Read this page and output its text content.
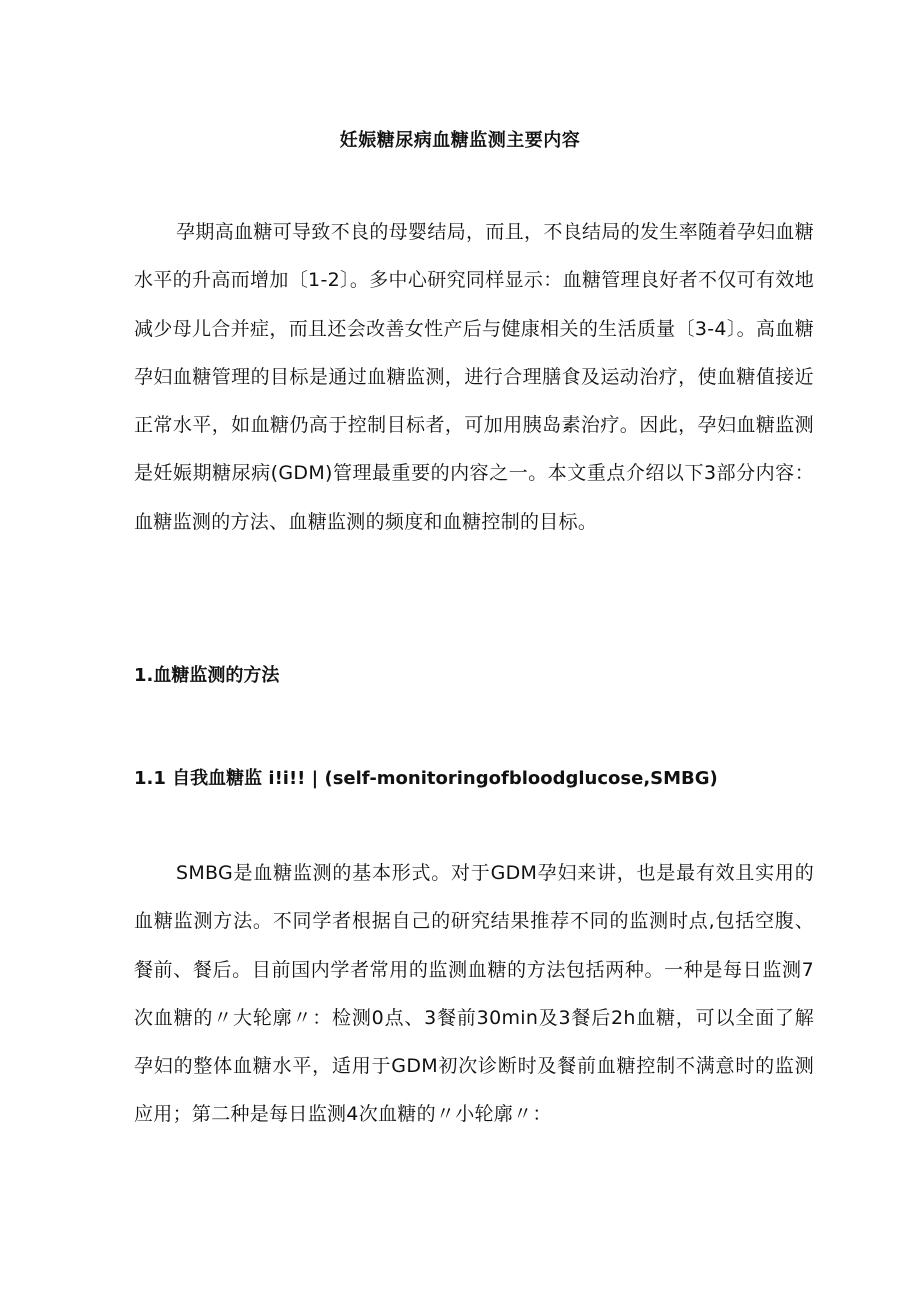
妊娠糖尿病血糖监测主要内容

孕期高血糖可导致不良的母婴结局，而且，不良结局的发生率随着孕妇血糖水平的升高而增加〔1-2〕。多中心研究同样显示：血糖管理良好者不仅可有效地减少母儿合并症，而且还会改善女性产后与健康相关的生活质量〔3-4〕。高血糖孕妇血糖管理的目标是通过血糖监测，进行合理膳食及运动治疗，使血糖值接近正常水平，如血糖仍高于控制目标者，可加用胰岛素治疗。因此，孕妇血糖监测是妊娠期糖尿病(GDM)管理最重要的内容之一。本文重点介绍以下3部分内容：血糖监测的方法、血糖监测的频度和血糖控制的目标。

1.血糖监测的方法
1.1 自我血糖监 i!i!! | (self-monitoringofbloodglucose,SMBG)

SMBG是血糖监测的基本形式。对于GDM孕妇来讲，也是最有效且实用的血糖监测方法。不同学者根据自己的研究结果推荐不同的监测时点,包括空腹、餐前、餐后。目前国内学者常用的监测血糖的方法包括两种。一种是每日监测7次血糖的〃大轮廓〃：检测0点、3餐前30min及3餐后2h血糖，可以全面了解孕妇的整体血糖水平，适用于GDM初次诊断时及餐前血糖控制不满意时的监测应用；第二种是每日监测4次血糖的〃小轮廓〃：
